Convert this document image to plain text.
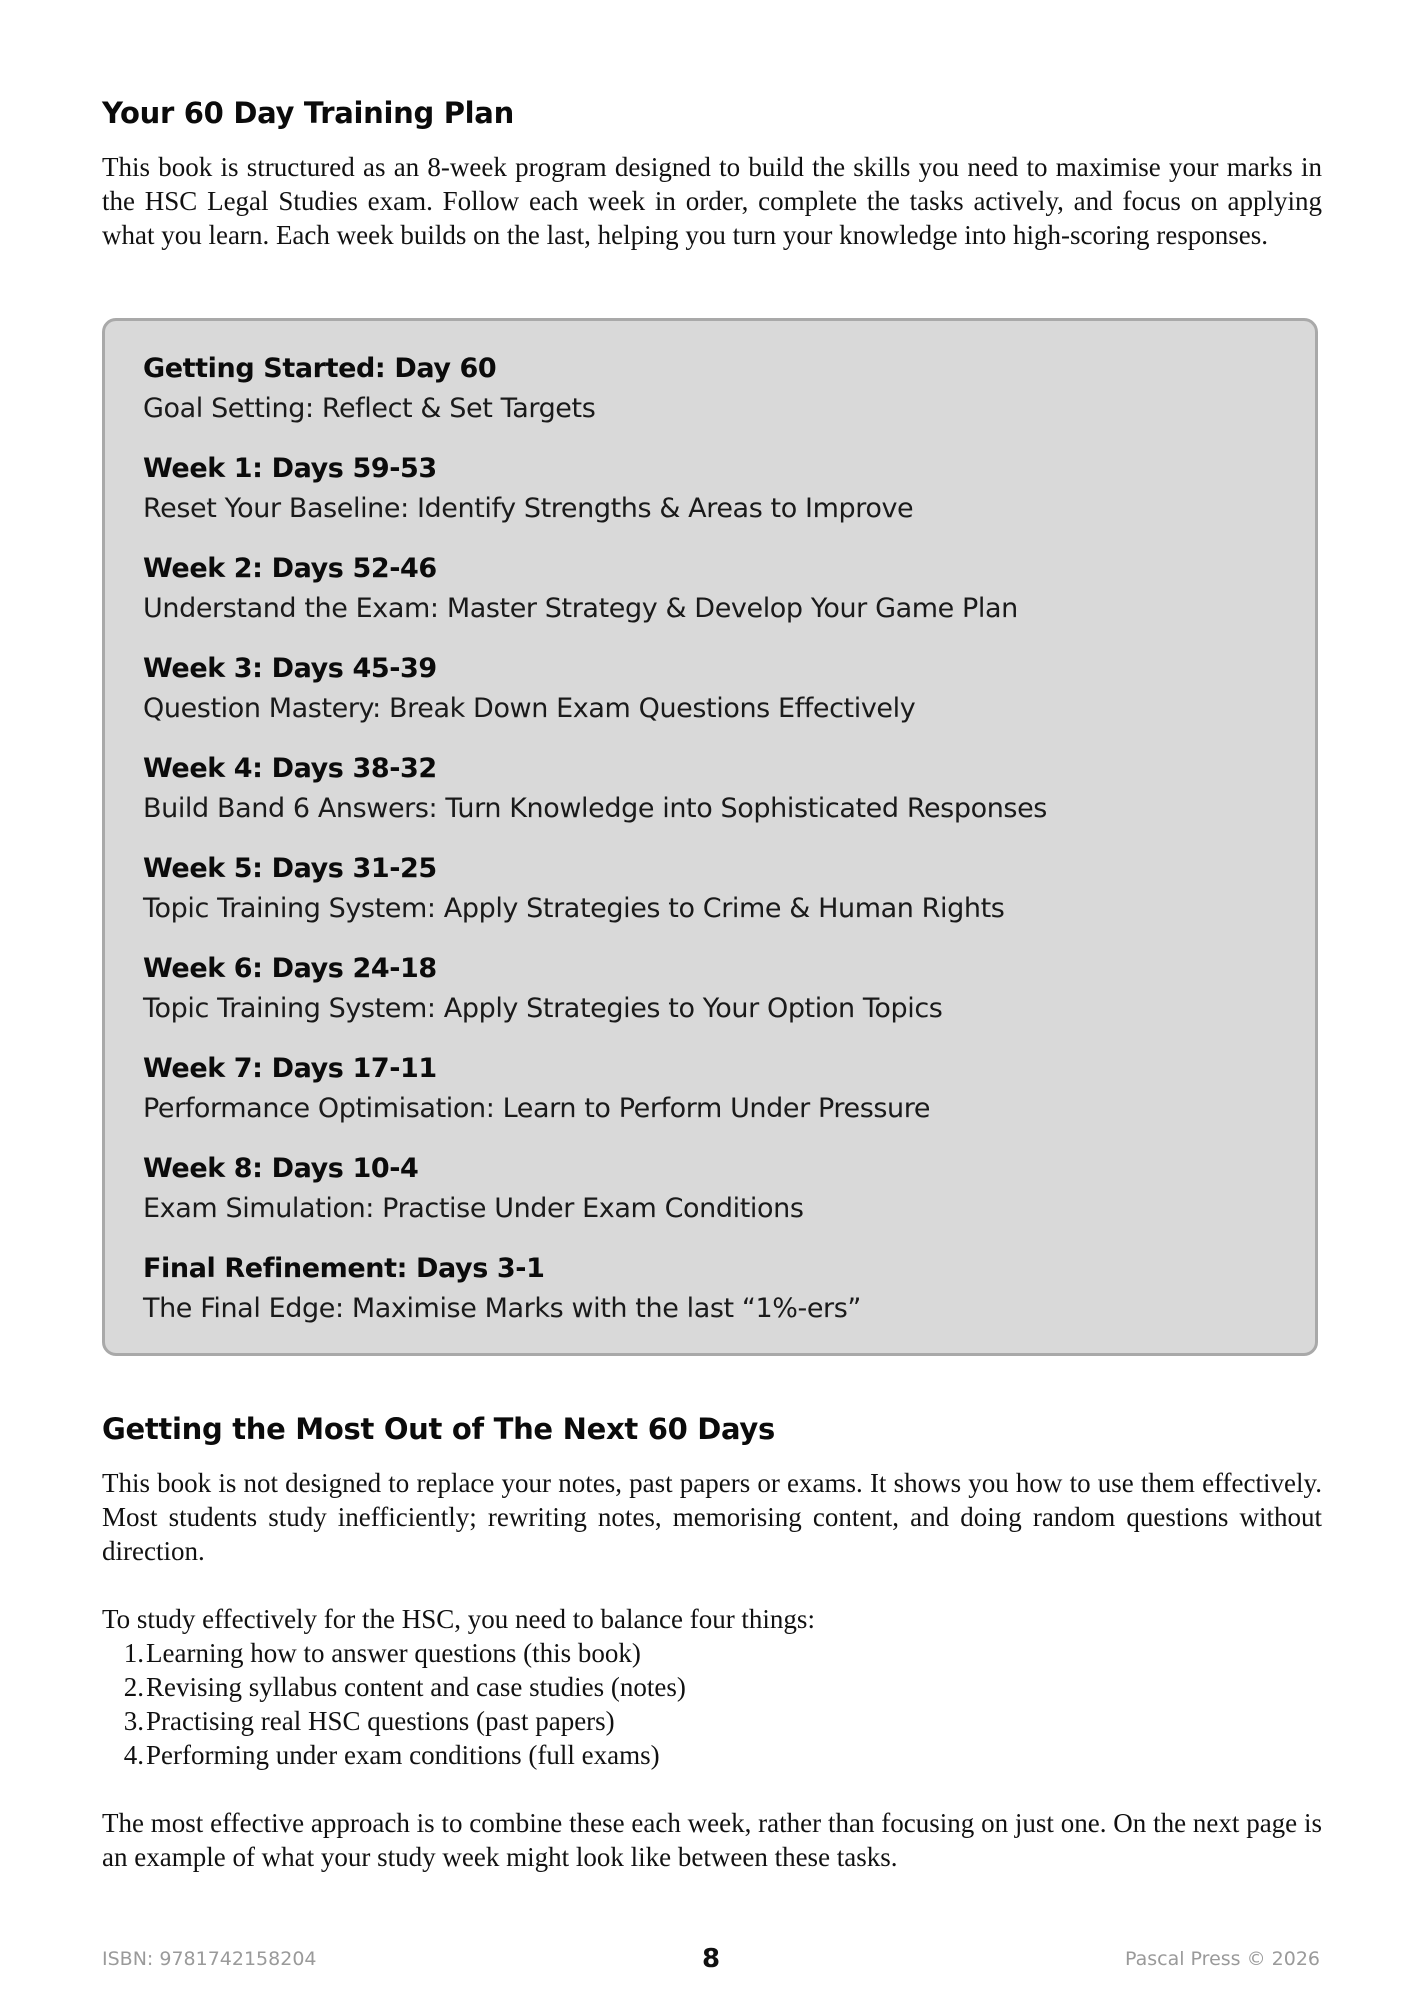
Your 60 Day Training Plan

This book is structured as an 8-week program designed to build the skills you need to maximise your marks in the HSC Legal Studies exam. Follow each week in order, complete the tasks actively, and focus on applying what you learn. Each week builds on the last, helping you turn your knowledge into high-scoring responses.

Getting Started: Day 60
Goal Setting: Reflect & Set Targets
Week 1: Days 59-53
Reset Your Baseline: Identify Strengths & Areas to Improve
Week 2: Days 52-46
Understand the Exam: Master Strategy & Develop Your Game Plan
Week 3: Days 45-39
Question Mastery: Break Down Exam Questions Effectively
Week 4: Days 38-32
Build Band 6 Answers: Turn Knowledge into Sophisticated Responses
Week 5: Days 31-25
Topic Training System: Apply Strategies to Crime & Human Rights
Week 6: Days 24-18
Topic Training System: Apply Strategies to Your Option Topics
Week 7: Days 17-11
Performance Optimisation: Learn to Perform Under Pressure
Week 8: Days 10-4
Exam Simulation: Practise Under Exam Conditions
Final Refinement: Days 3-1
The Final Edge: Maximise Marks with the last “1%-ers”
Getting the Most Out of The Next 60 Days

This book is not designed to replace your notes, past papers or exams. It shows you how to use them effectively. Most students study inefficiently; rewriting notes, memorising content, and doing random questions without direction.

To study effectively for the HSC, you need to balance four things:

1. Learning how to answer questions (this book)
2. Revising syllabus content and case studies (notes)
3. Practising real HSC questions (past papers)
4. Performing under exam conditions (full exams)

The most effective approach is to combine these each week, rather than focusing on just one. On the next page is an example of what your study week might look like between these tasks.

ISBN: 9781742158204	8	Pascal Press © 2026
